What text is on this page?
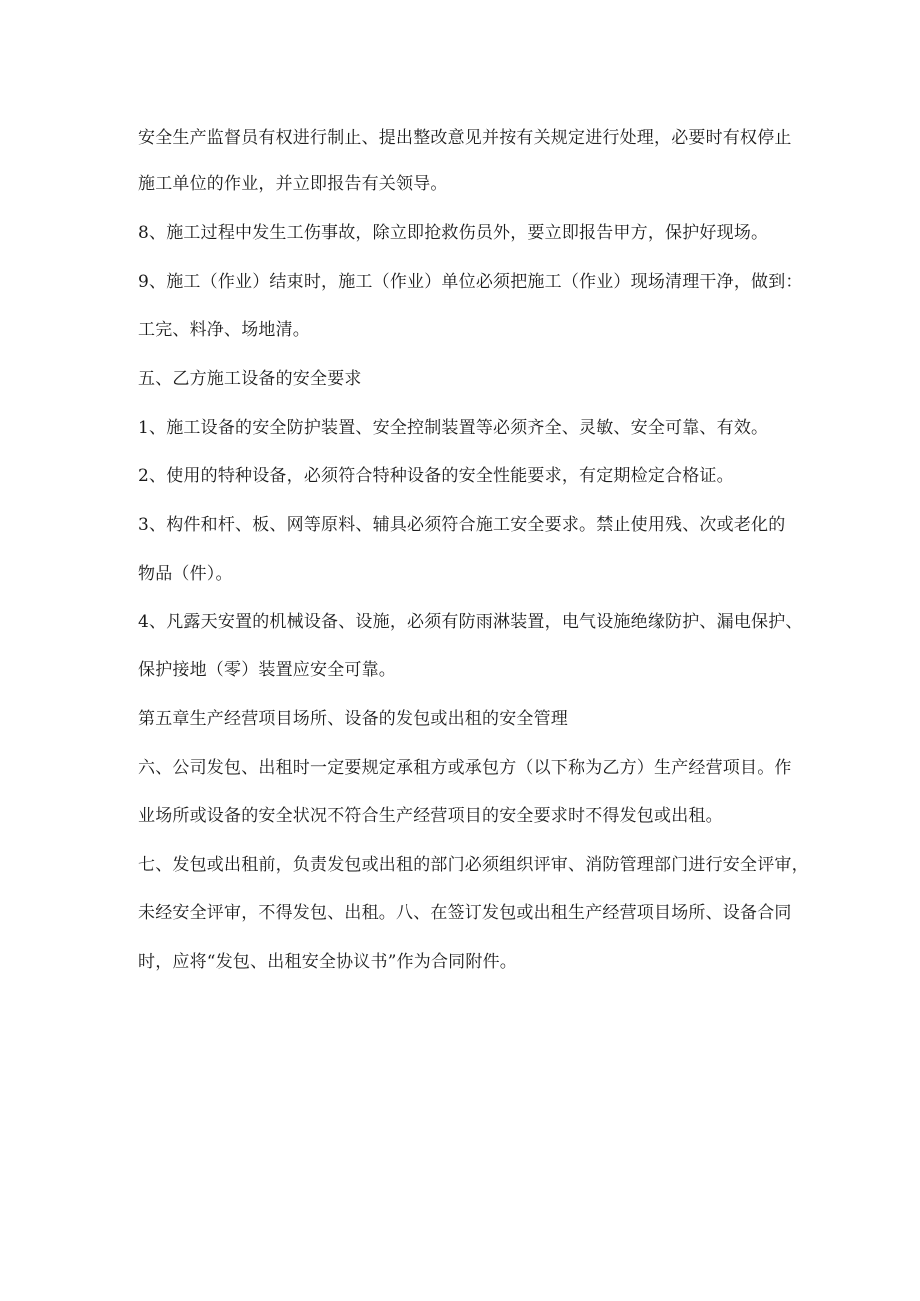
安全生产监督员有权进行制止、提出整改意见并按有关规定进行处理，必要时有权停止
施工单位的作业，并立即报告有关领导。
8、施工过程中发生工伤事故，除立即抢救伤员外，要立即报告甲方，保护好现场。
9、施工（作业）结束时，施工（作业）单位必须把施工（作业）现场清理干净，做到：
工完、料净、场地清。
五、乙方施工设备的安全要求
1、施工设备的安全防护装置、安全控制装置等必须齐全、灵敏、安全可靠、有效。
2、使用的特种设备，必须符合特种设备的安全性能要求，有定期检定合格证。
3、构件和杆、板、网等原料、辅具必须符合施工安全要求。禁止使用残、次或老化的
物品（件）。
4、凡露天安置的机械设备、设施，必须有防雨淋装置，电气设施绝缘防护、漏电保护、
保护接地（零）装置应安全可靠。
第五章生产经营项目场所、设备的发包或出租的安全管理
六、公司发包、出租时一定要规定承租方或承包方（以下称为乙方）生产经营项目。作
业场所或设备的安全状况不符合生产经营项目的安全要求时不得发包或出租。
七、发包或出租前，负责发包或出租的部门必须组织评审、消防管理部门进行安全评审，
未经安全评审，不得发包、出租。八、在签订发包或出租生产经营项目场所、设备合同
时，应将“发包、出租安全协议书”作为合同附件。
